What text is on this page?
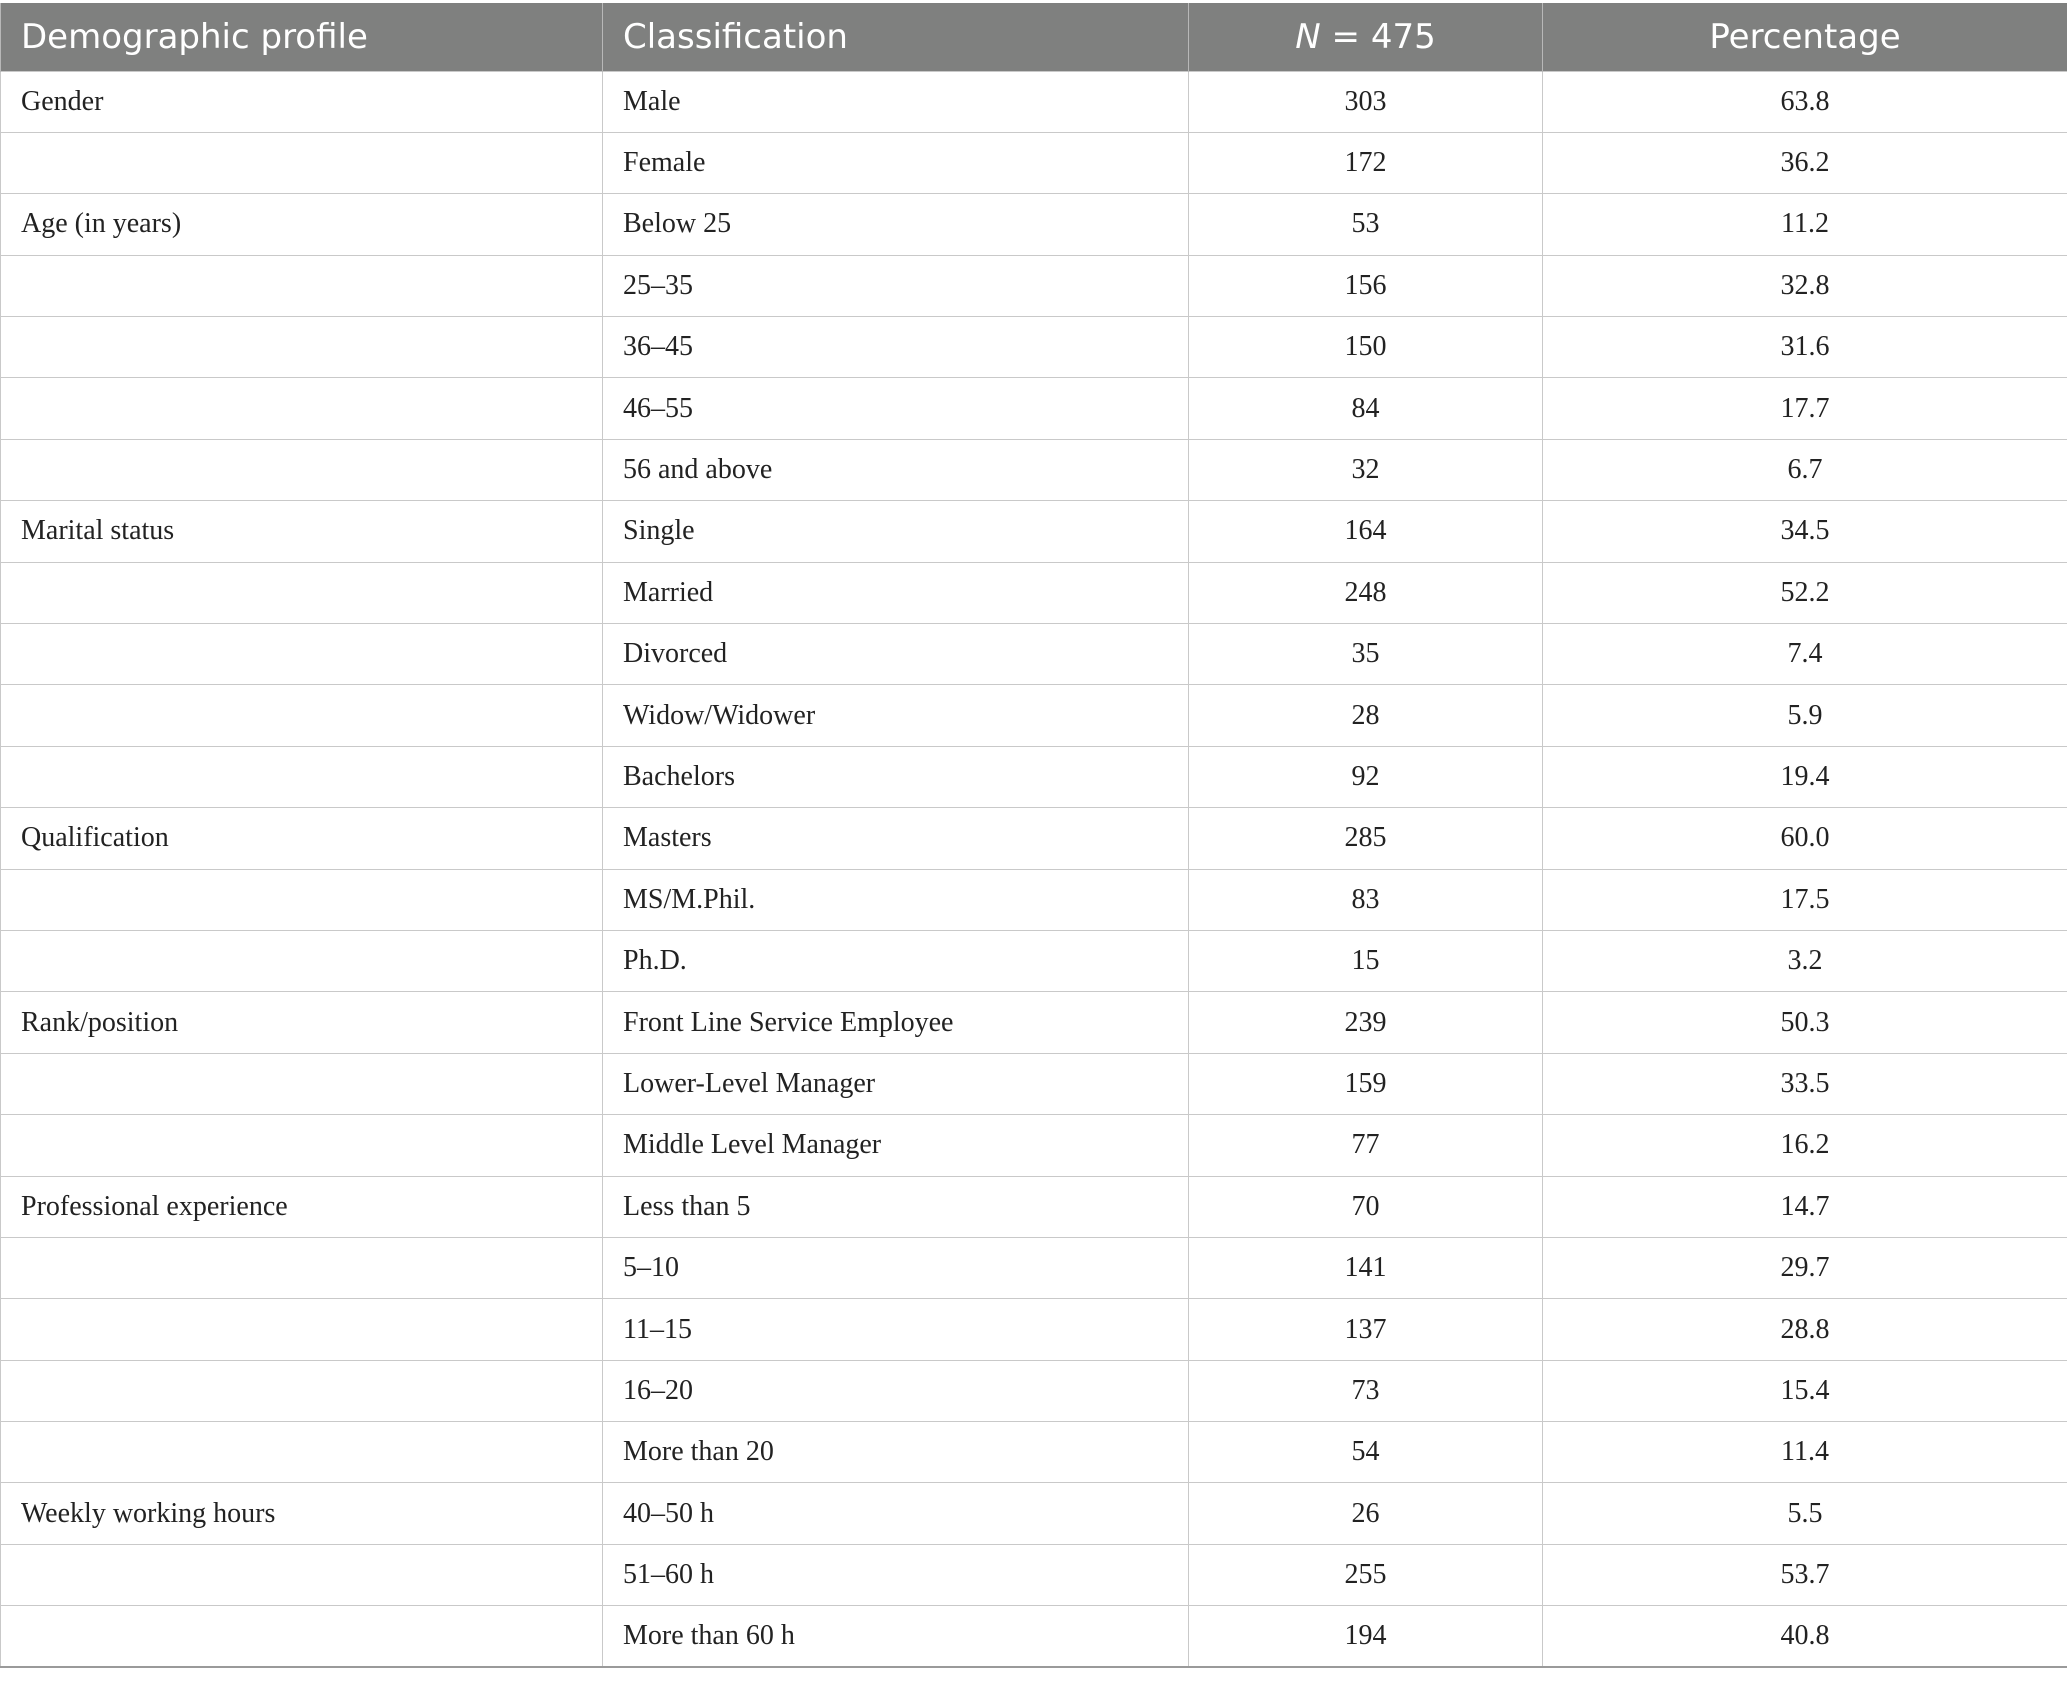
Demographic profile	Classification	N = 475	Percentage
Gender	Male	303	63.8
	Female	172	36.2
Age (in years)	Below 25	53	11.2
	25–35	156	32.8
	36–45	150	31.6
	46–55	84	17.7
	56 and above	32	6.7
Marital status	Single	164	34.5
	Married	248	52.2
	Divorced	35	7.4
	Widow/Widower	28	5.9
	Bachelors	92	19.4
Qualification	Masters	285	60.0
	MS/M.Phil.	83	17.5
	Ph.D.	15	3.2
Rank/position	Front Line Service Employee	239	50.3
	Lower-Level Manager	159	33.5
	Middle Level Manager	77	16.2
Professional experience	Less than 5	70	14.7
	5–10	141	29.7
	11–15	137	28.8
	16–20	73	15.4
	More than 20	54	11.4
Weekly working hours	40–50 h	26	5.5
	51–60 h	255	53.7
	More than 60 h	194	40.8
